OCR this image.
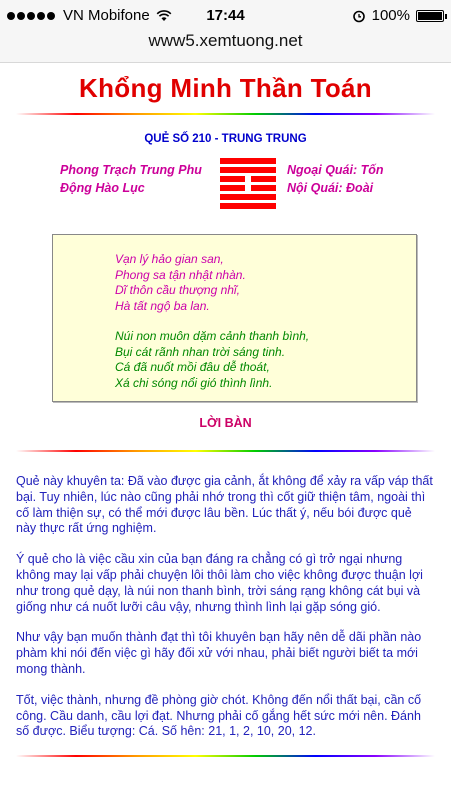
VN Mobifone	17:44	100%
www5.xemtuong.net
Khổng Minh Thần Toán
QUẺ SỐ 210 - TRUNG TRUNG
Phong Trạch Trung Phu
Động Hào Lục
Ngoại Quái: Tốn
Nội Quái: Đoài
Vạn lý hảo gian san,
Phong sa tận nhật nhàn.
Dĩ thôn cầu thượng nhĩ,
Hà tất ngộ ba lan.
Núi non muôn dặm cảnh thanh bình,
Bụi cát rãnh nhan trời sáng tinh.
Cá đã nuốt mồi đâu dễ thoát,
Xá chi sóng nổi gió thình lình.
LỜI BÀN

Quẻ này khuyên ta: Đã vào được gia cảnh, ắt không để xảy ra vấp váp thất bại. Tuy nhiên, lúc nào cũng phải nhớ trong thì cốt giữ thiện tâm, ngoài thì cố làm thiện sự, có thể mới được lâu bền. Lúc thất ý, nếu bói được quẻ này thực rất ứng nghiệm.

Ý quẻ cho là việc cầu xin của bạn đáng ra chẳng có gì trở ngại nhưng không may lại vấp phải chuyện lôi thôi làm cho việc không được thuận lợi như trong quẻ dạy, là núi non thanh bình, trời sáng rạng không cát bụi và giống như cá nuốt lưỡi câu vậy, nhưng thình lình lại gặp sóng gió.

Như vậy bạn muốn thành đạt thì tôi khuyên bạn hãy nên dễ dãi phần nào phàm khi nói đến việc gì hãy đối xử với nhau, phải biết người biết ta mới mong thành.

Tốt, việc thành, nhưng đề phòng giờ chót. Không đến nổi thất bại, cần cố công. Cầu danh, cầu lợi đạt. Nhưng phải cố gắng hết sức mới nên. Đánh số được. Biểu tượng: Cá. Số hên: 21, 1, 2, 10, 20, 12.
